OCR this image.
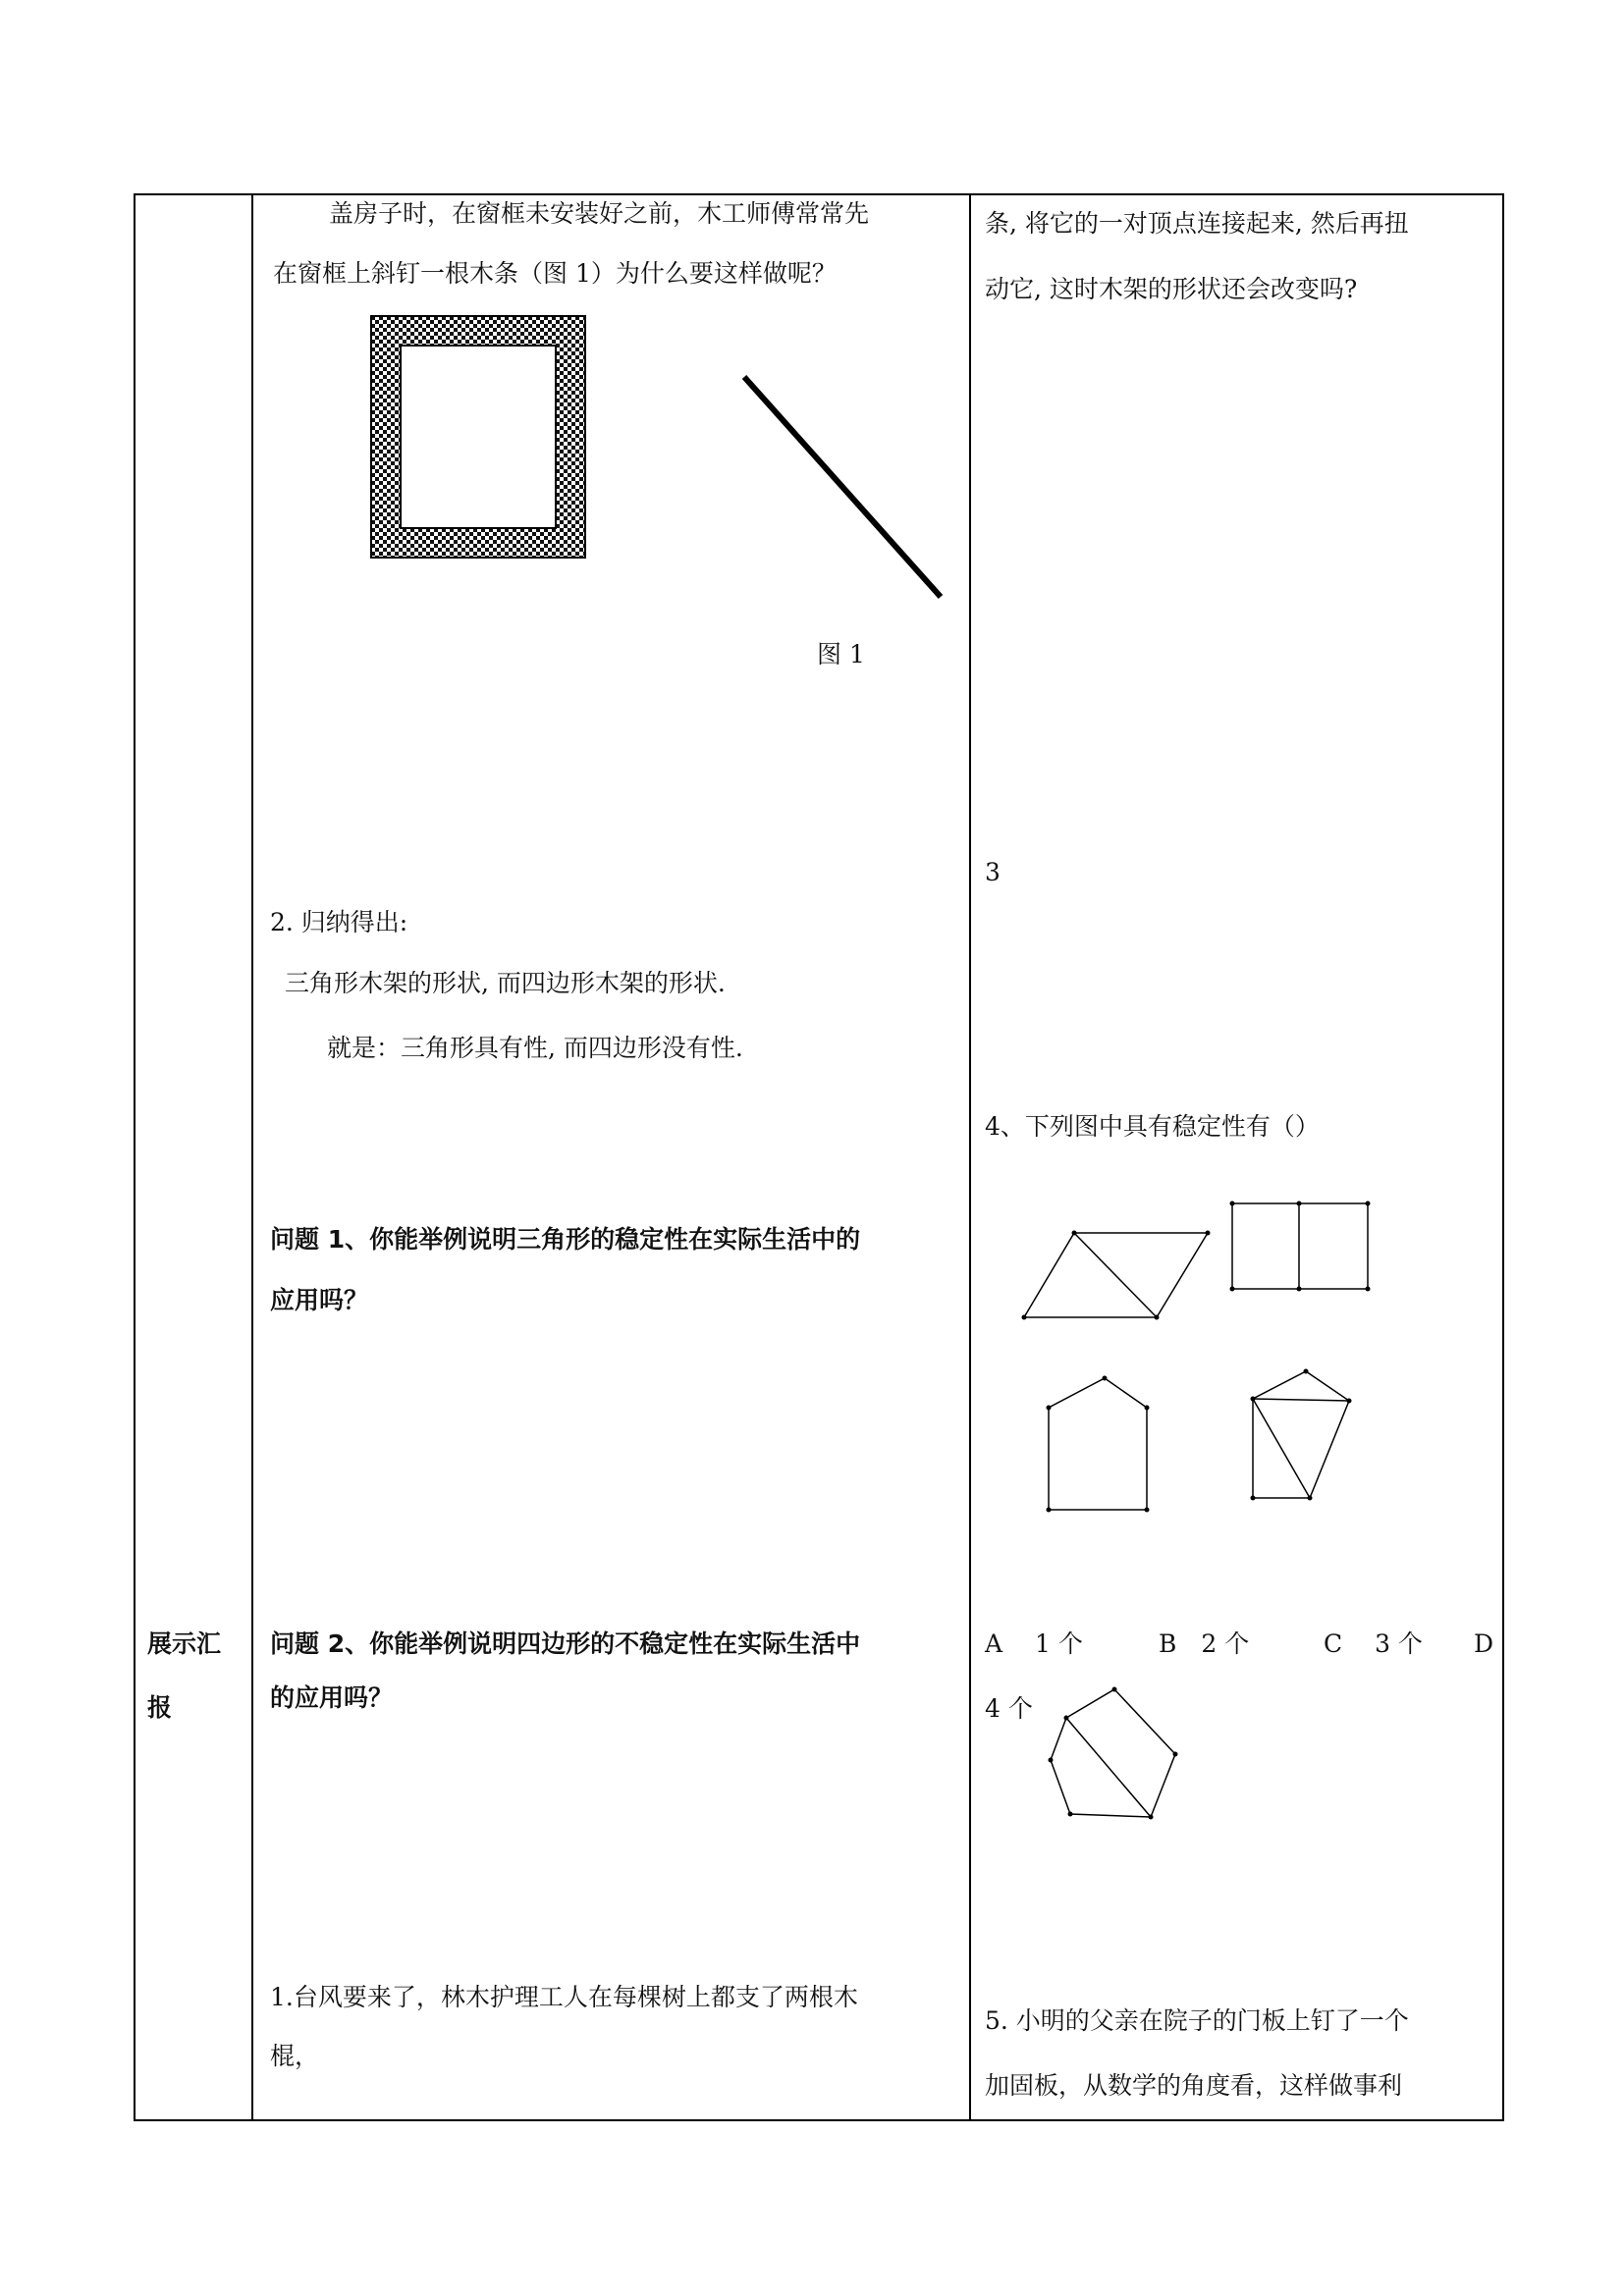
展示汇
报
盖房子时，在窗框未安装好之前，木工师傅常常先
在窗框上斜钉一根木条（图 1）为什么要这样做呢？
图 1
2. 归纳得出:
三角形木架的形状, 而四边形木架的形状.
就是：三角形具有性, 而四边形没有性.
问题 1、你能举例说明三角形的稳定性在实际生活中的
应用吗？
问题 2、你能举例说明四边形的不稳定性在实际生活中
的应用吗？
1.台风要来了，林木护理工人在每棵树上都支了两根木
棍，
条, 将它的一对顶点连接起来, 然后再扭
动它, 这时木架的形状还会改变吗?
3
4、下列图中具有稳定性有（）
A　 1 个	B　2 个	C　 3 个 D
4 个
5. 小明的父亲在院子的门板上钉了一个
加固板，从数学的角度看，这样做事利
